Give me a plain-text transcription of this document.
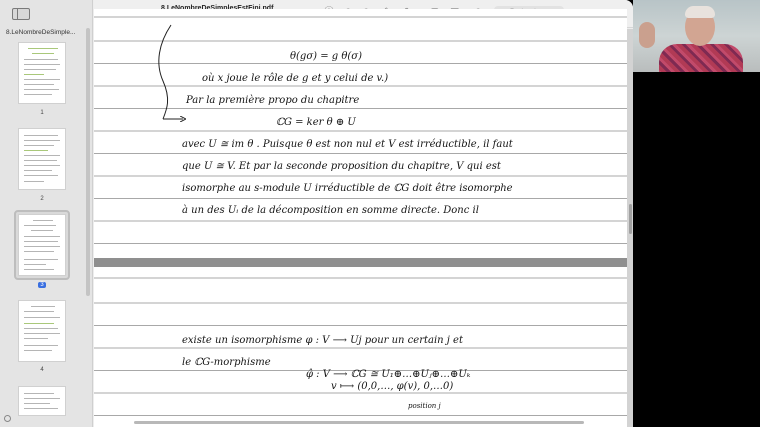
8.LeNombreDeSimple...
1
2
3
4
θ(gσ) = g θ(σ)
où x joue le rôle de g et y celui de v.)
Par la première propo du chapitre
ℂG = ker θ ⊕ U
avec U ≅ im θ . Puisque θ est non nul et V est irréductible, il faut
que U ≅ V. Et par la seconde proposition du chapitre, V qui est
isomorphe au s-module U irréductible de ℂG doit être isomorphe
à un des Uᵢ de la décomposition en somme directe. Donc il
existe un isomorphisme φ : V ⟶ Uj pour un certain j et
le ℂG-morphisme
φ̂ : V ⟶ ℂG ≅ U₁⊕…⊕Uⱼ⊕…⊕Uₖ
v ⟼ (0,0,…, φ(v), 0,…0)
position j
